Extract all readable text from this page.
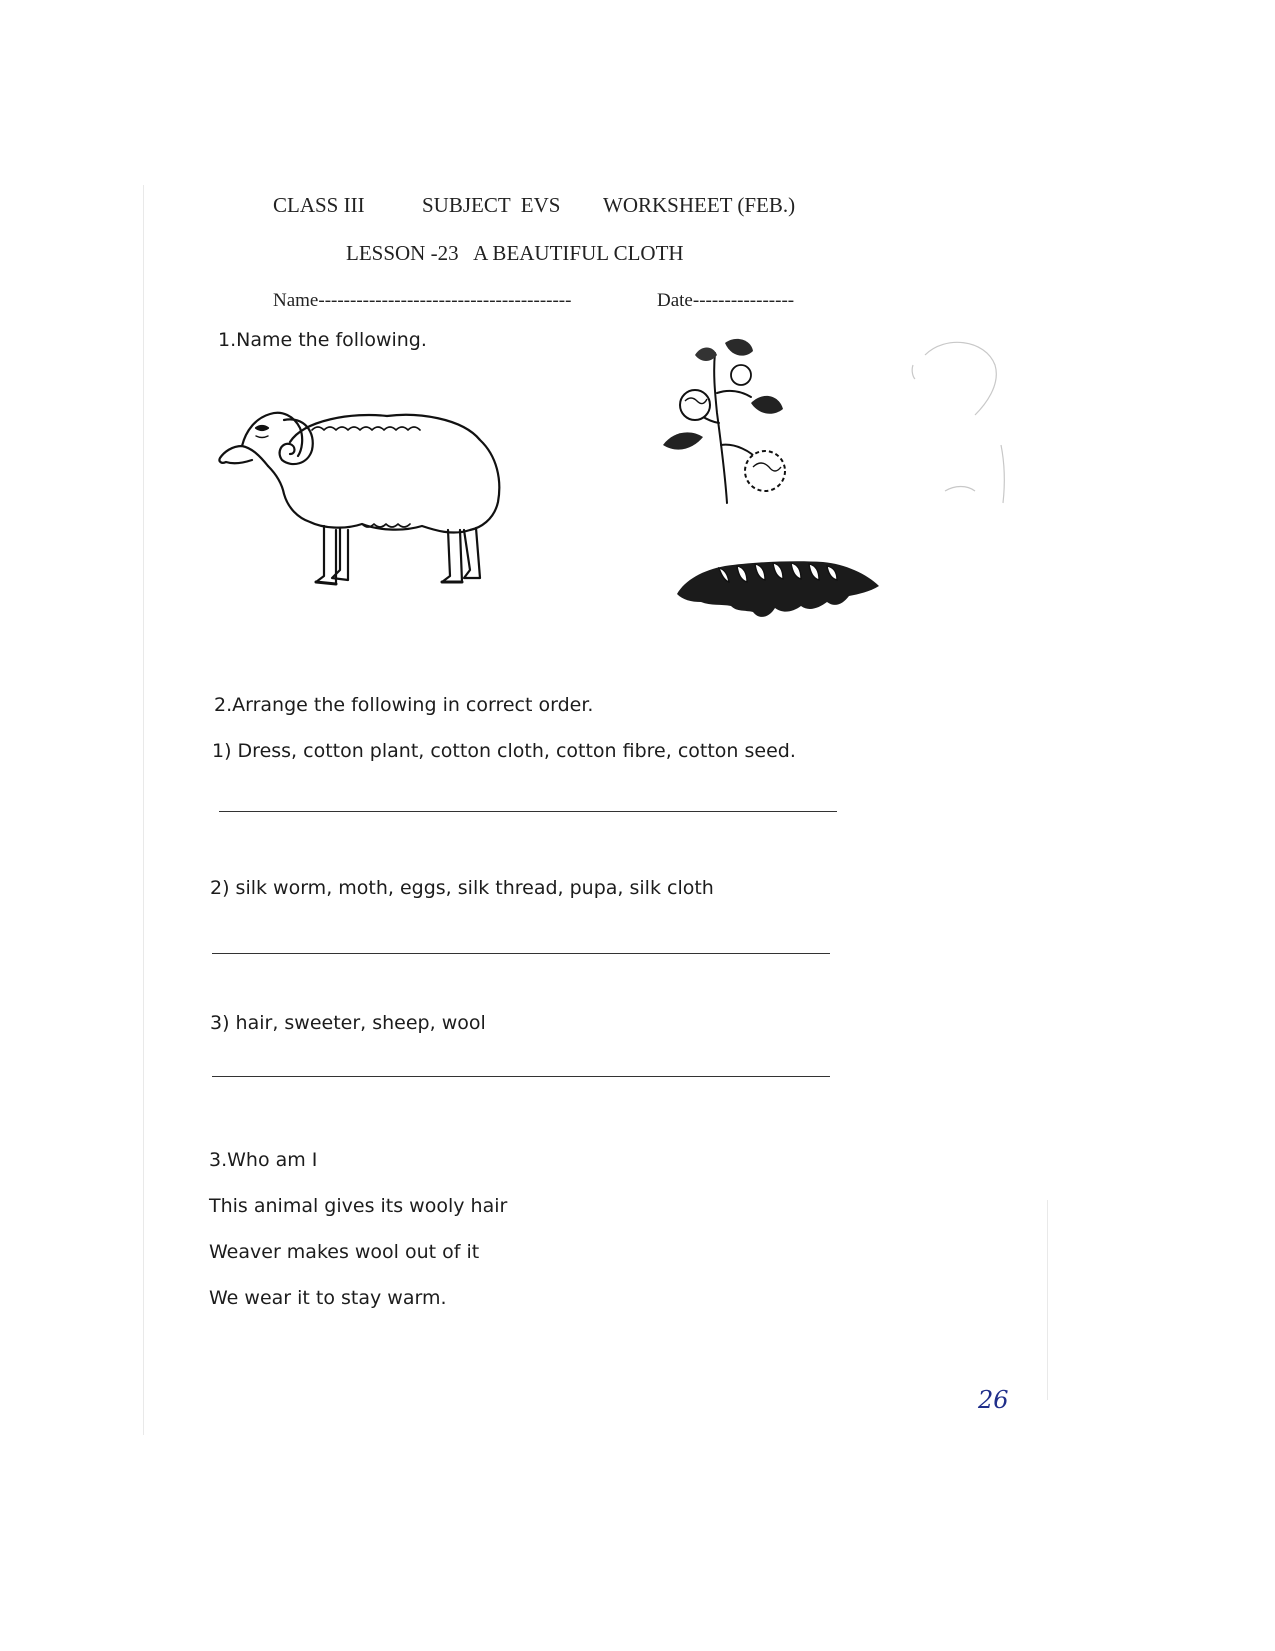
CLASS III	SUBJECT  EVS WORKSHEET (FEB.)
LESSON -23   A BEAUTIFUL CLOTH
Name----------------------------------------	Date----------------
1.Name the following.
2.Arrange the following in correct order.
1) Dress, cotton plant, cotton cloth, cotton fibre, cotton seed.
2) silk worm, moth, eggs, silk thread, pupa, silk cloth
3) hair, sweeter, sheep, wool
3.Who am I
This animal gives its wooly hair
Weaver makes wool out of it
We wear it to stay warm.
26
